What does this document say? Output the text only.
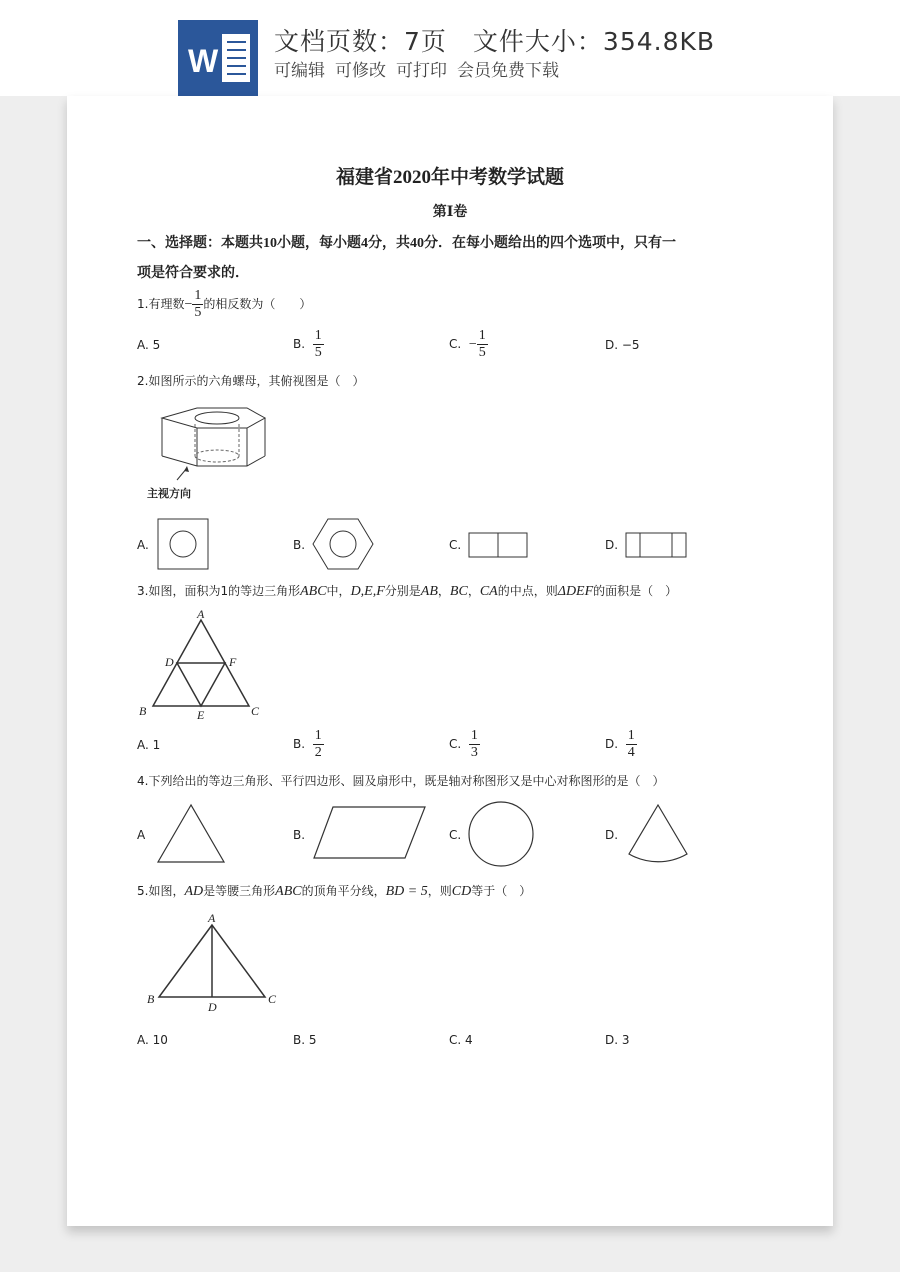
W
文档页数：7页 文件大小：354.8KB
可编辑 可修改 可打印 会员免费下载
福建省2020年中考数学试题
第Ⅰ卷
一、选择题：本题共10小题，每小题4分，共40分．在每小题给出的四个选项中，只有一
项是符合要求的．
1.有理数− $\frac{1}{5}$ 的相反数为（　　）
A. 5	B. $\frac{1}{5}$	C. − $\frac{1}{5}$	D. −5
2.如图所示的六角螺母，其俯视图是（　）
主视方向
A.	B.	C.	D.
3.如图，面积为1的等边三角形ABC中，D,E,F分别是AB，BC，CA的中点，则ΔDEF的面积是（　）
A
D	F
B	E	C
A. 1	B. $\frac{1}{2}$	C. $\frac{1}{3}$	D. $\frac{1}{4}$
4.下列给出的等边三角形、平行四边形、圆及扇形中，既是轴对称图形又是中心对称图形的是（　）
A	B.	C.	D.
5.如图，AD是等腰三角形ABC的顶角平分线，BD = 5，则CD等于（　）
A
B
D
C
A. 10	B. 5	C. 4	D. 3
